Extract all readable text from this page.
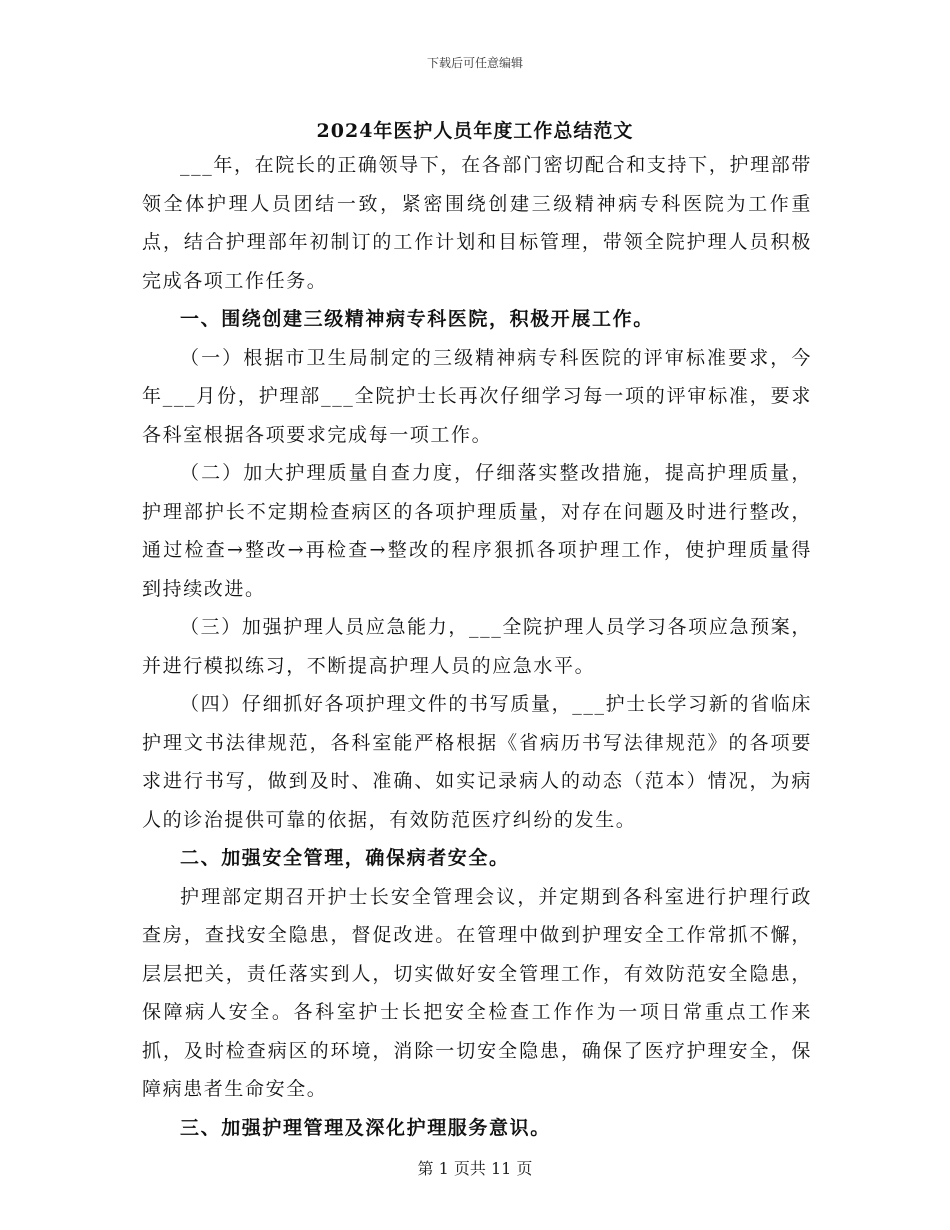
下载后可任意编辑
2024年医护人员年度工作总结范文

___年，在院长的正确领导下，在各部门密切配合和支持下，护理部带领全体护理人员团结一致，紧密围绕创建三级精神病专科医院为工作重点，结合护理部年初制订的工作计划和目标管理，带领全院护理人员积极完成各项工作任务。

一、围绕创建三级精神病专科医院，积极开展工作。

（一）根据市卫生局制定的三级精神病专科医院的评审标准要求，今年___月份，护理部___全院护士长再次仔细学习每一项的评审标准，要求各科室根据各项要求完成每一项工作。

（二）加大护理质量自查力度，仔细落实整改措施，提高护理质量，护理部护长不定期检查病区的各项护理质量，对存在问题及时进行整改，通过检查→整改→再检查→整改的程序狠抓各项护理工作，使护理质量得到持续改进。

（三）加强护理人员应急能力，___全院护理人员学习各项应急预案，并进行模拟练习，不断提高护理人员的应急水平。

（四）仔细抓好各项护理文件的书写质量，___护士长学习新的省临床护理文书法律规范，各科室能严格根据《省病历书写法律规范》的各项要求进行书写，做到及时、准确、如实记录病人的动态（范本）情况，为病人的诊治提供可靠的依据，有效防范医疗纠纷的发生。

二、加强安全管理，确保病者安全。

护理部定期召开护士长安全管理会议，并定期到各科室进行护理行政查房，查找安全隐患，督促改进。在管理中做到护理安全工作常抓不懈，层层把关，责任落实到人，切实做好安全管理工作，有效防范安全隐患，保障病人安全。各科室护士长把安全检查工作作为一项日常重点工作来抓，及时检查病区的环境，消除一切安全隐患，确保了医疗护理安全，保障病患者生命安全。

三、加强护理管理及深化护理服务意识。

第 1 页共 11 页
